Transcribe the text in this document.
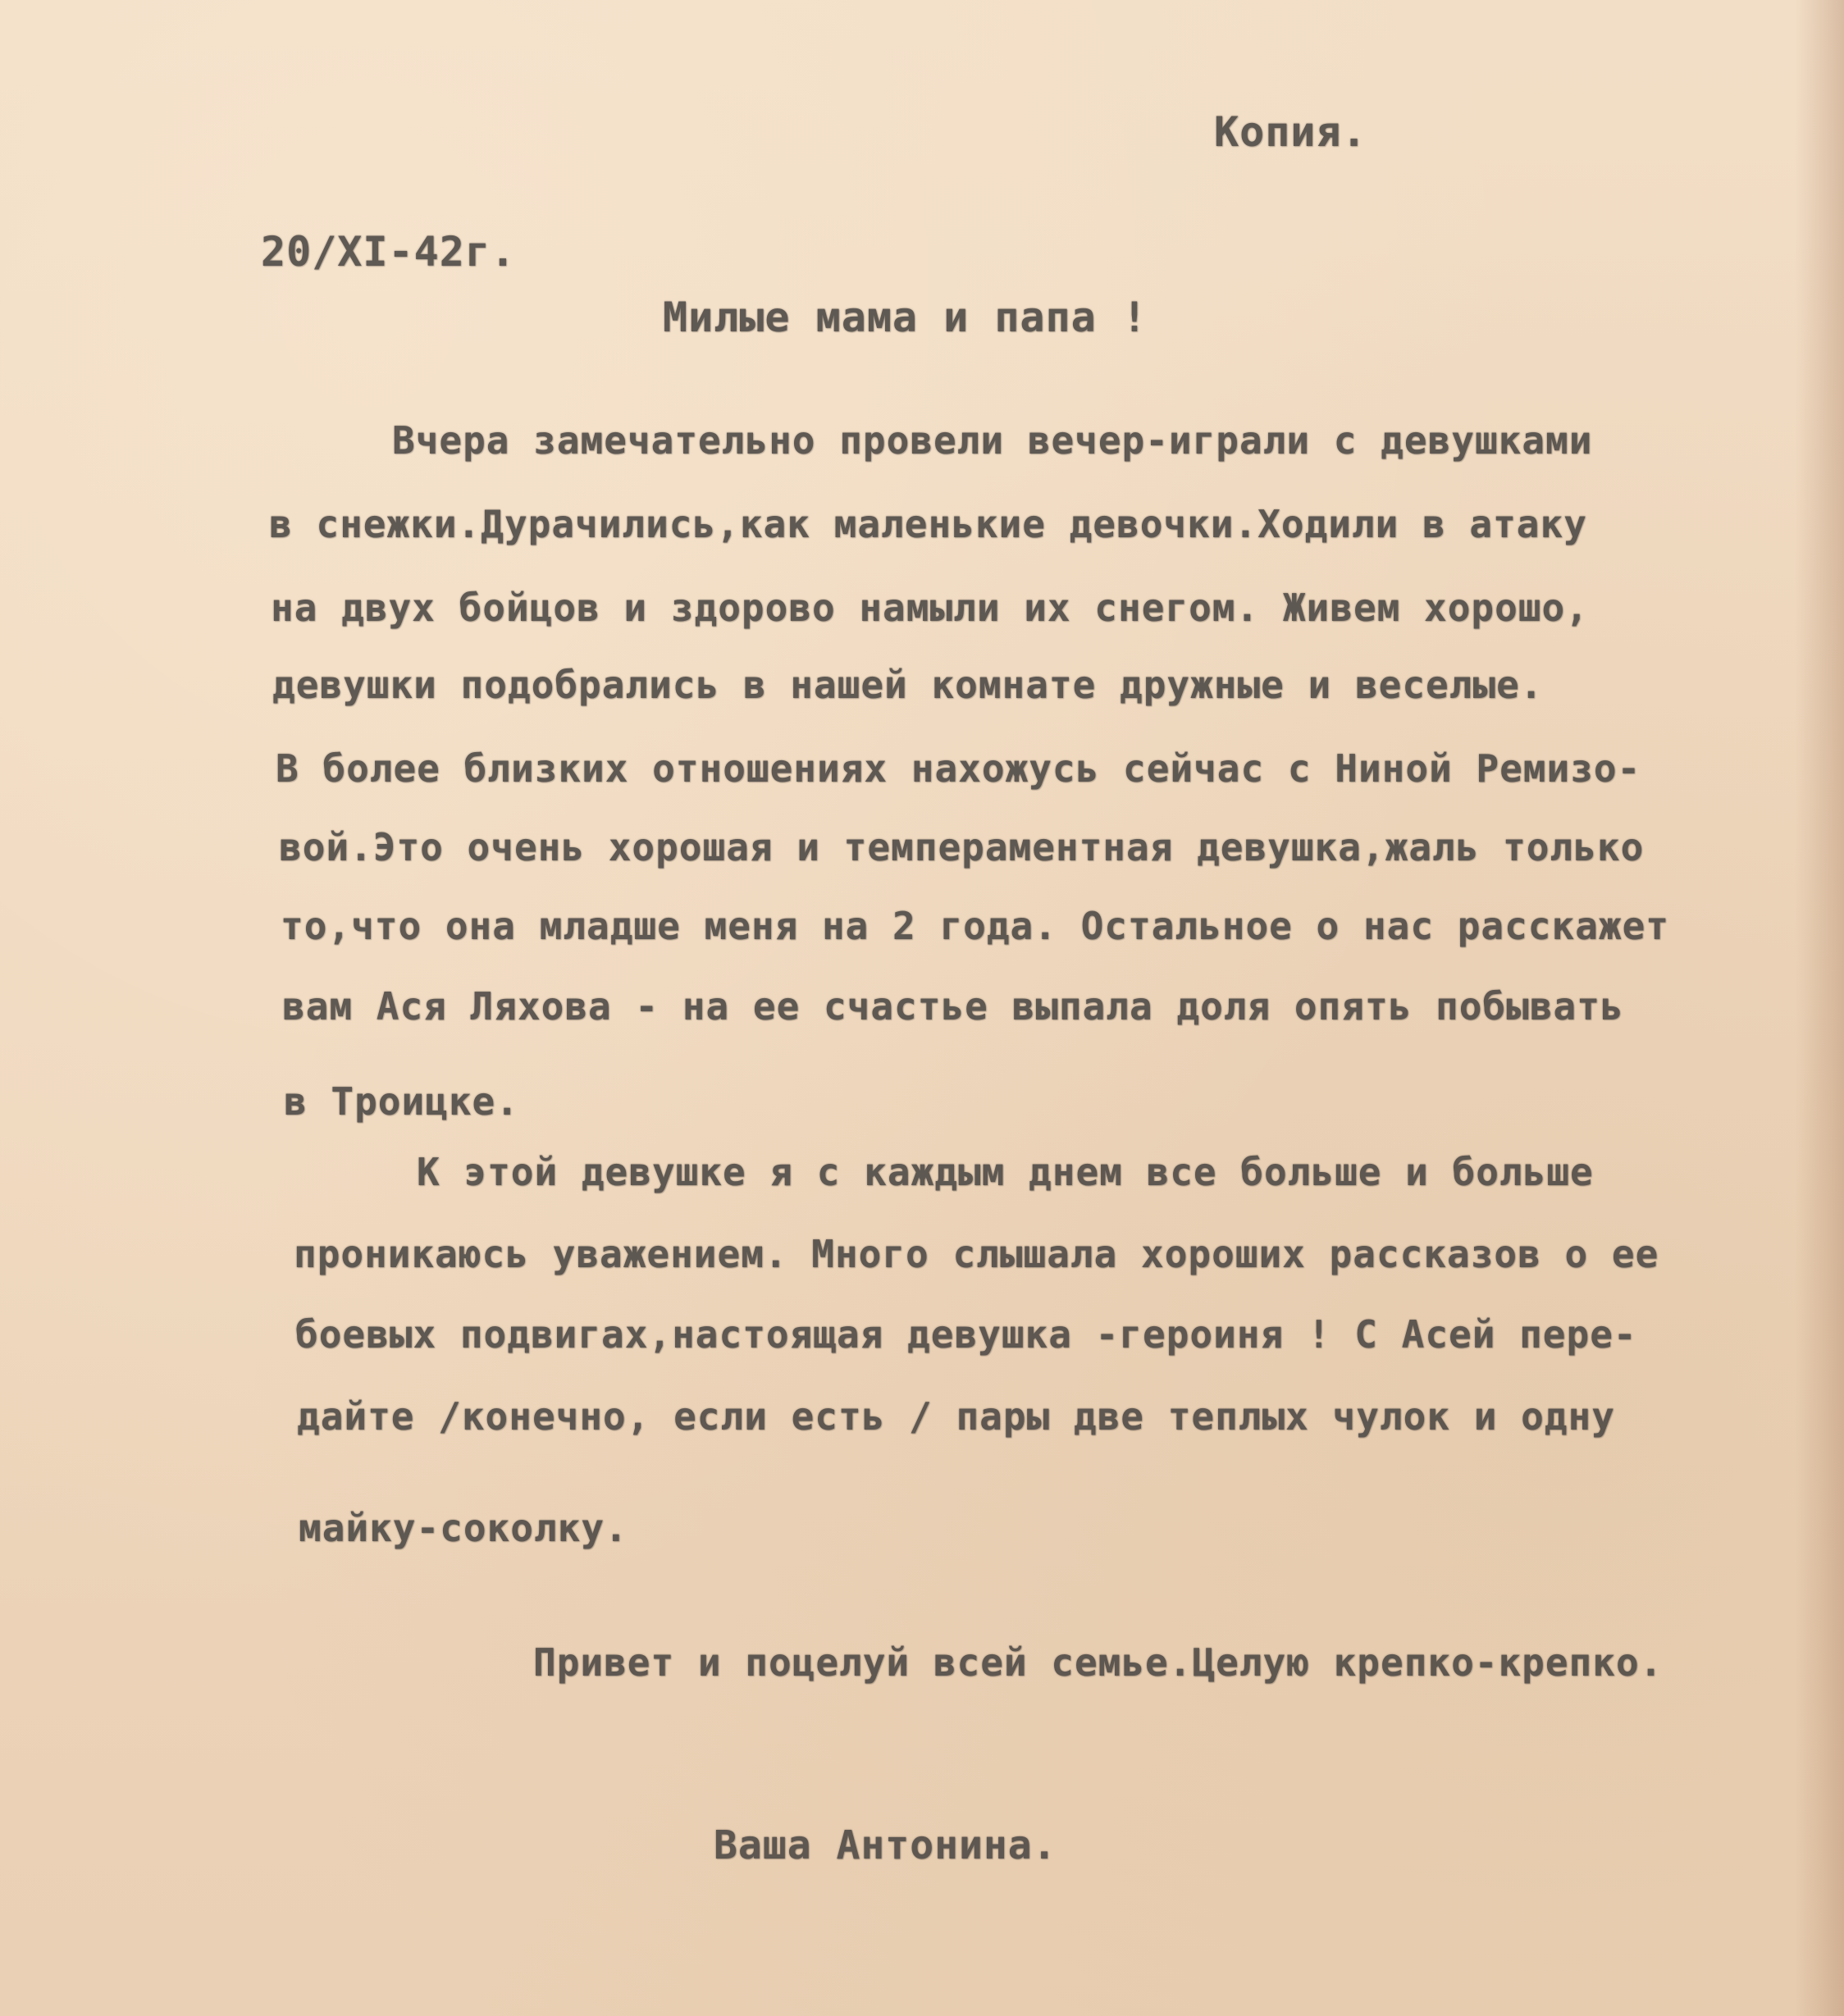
Копия.

20/XI-42г.

Милые мама и папа !

Вчера замечательно провели вечер-играли с девушками

в снежки.Дурачились,как маленькие девочки.Ходили в атаку

на двух бойцов и здорово намыли их снегом. Живем хорошо,

девушки подобрались в нашей комнате дружные и веселые.

В более близких отношениях нахожусь сейчас с Ниной Ремизо-

вой.Это очень хорошая и темпераментная девушка,жаль только

то,что она младше меня на 2 года. Остальное о нас расскажет

вам Ася Ляхова - на ее счастье выпала доля опять побывать

в Троицке.

К этой девушке я с каждым днем все больше и больше

проникаюсь уважением. Много слышала хороших рассказов о ее

боевых подвигах,настоящая девушка -героиня ! С Асей пере-

дайте /конечно, если есть / пары две теплых чулок и одну

майку-соколку.

Привет и поцелуй всей семье.Целую крепко-крепко.

Ваша Антонина.
